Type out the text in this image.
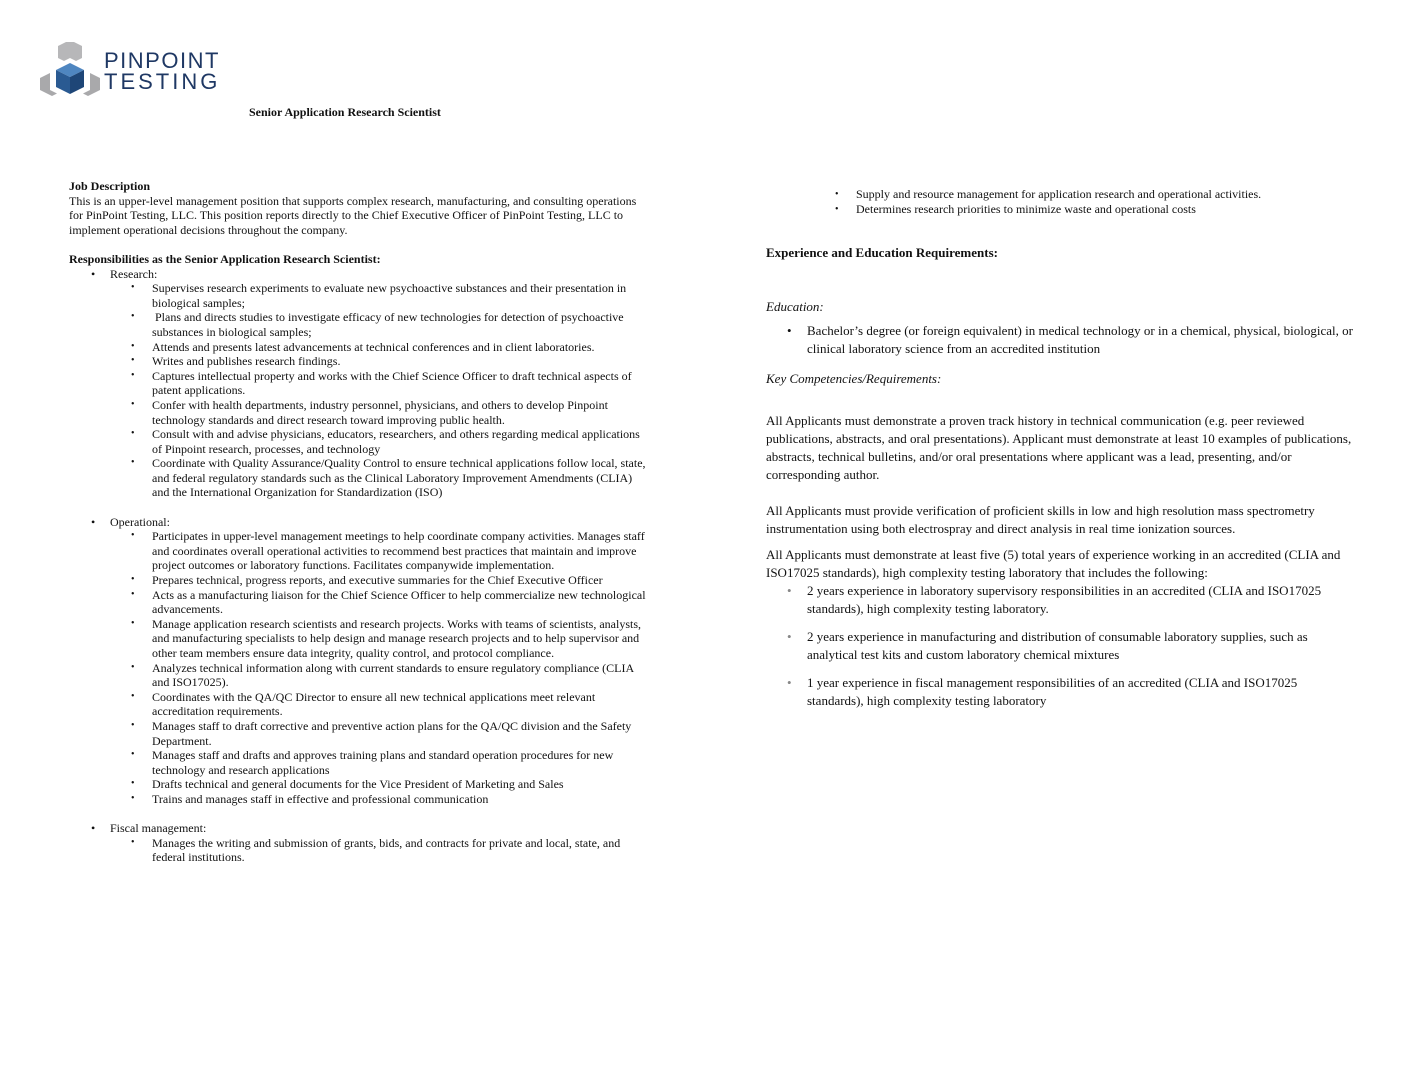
PINPOINT
TESTING
Senior Application Research Scientist

Job Description

This is an upper-level management position that supports complex research, manufacturing, and consulting operations for PinPoint Testing, LLC. This position reports directly to the Chief Executive Officer of PinPoint Testing, LLC to implement operational decisions throughout the company.

Responsibilities as the Senior Application Research Scientist:

• Research:
• Supervises research experiments to evaluate new psychoactive substances and their presentation in biological samples;
• Plans and directs studies to investigate efficacy of new technologies for detection of psychoactive substances in biological samples;
• Attends and presents latest advancements at technical conferences and in client laboratories.
• Writes and publishes research findings.
• Captures intellectual property and works with the Chief Science Officer to draft technical aspects of patent applications.
• Confer with health departments, industry personnel, physicians, and others to develop Pinpoint technology standards and direct research toward improving public health.
• Consult with and advise physicians, educators, researchers, and others regarding medical applications of Pinpoint research, processes, and technology
• Coordinate with Quality Assurance/Quality Control to ensure technical applications follow local, state, and federal regulatory standards such as the Clinical Laboratory Improvement Amendments (CLIA) and the International Organization for Standardization (ISO)
• Operational:
• Participates in upper-level management meetings to help coordinate company activities. Manages staff and coordinates overall operational activities to recommend best practices that maintain and improve project outcomes or laboratory functions. Facilitates companywide implementation.
• Prepares technical, progress reports, and executive summaries for the Chief Executive Officer
• Acts as a manufacturing liaison for the Chief Science Officer to help commercialize new technological advancements.
• Manage application research scientists and research projects. Works with teams of scientists, analysts, and manufacturing specialists to help design and manage research projects and to help supervisor and other team members ensure data integrity, quality control, and protocol compliance.
• Analyzes technical information along with current standards to ensure regulatory compliance (CLIA and ISO17025).
• Coordinates with the QA/QC Director to ensure all new technical applications meet relevant accreditation requirements.
• Manages staff to draft corrective and preventive action plans for the QA/QC division and the Safety Department.
• Manages staff and drafts and approves training plans and standard operation procedures for new technology and research applications
• Drafts technical and general documents for the Vice President of Marketing and Sales
• Trains and manages staff in effective and professional communication
• Fiscal management:
• Manages the writing and submission of grants, bids, and contracts for private and local, state, and federal institutions.
• Supply and resource management for application research and operational activities.
• Determines research priorities to minimize waste and operational costs

Experience and Education Requirements:

Education:

• Bachelor’s degree (or foreign equivalent) in medical technology or in a chemical, physical, biological, or clinical laboratory science from an accredited institution

Key Competencies/Requirements:

All Applicants must demonstrate a proven track history in technical communication (e.g. peer reviewed publications, abstracts, and oral presentations). Applicant must demonstrate at least 10 examples of publications, abstracts, technical bulletins, and/or oral presentations where applicant was a lead, presenting, and/or corresponding author.

All Applicants must provide verification of proficient skills in low and high resolution mass spectrometry instrumentation using both electrospray and direct analysis in real time ionization sources.

All Applicants must demonstrate at least five (5) total years of experience working in an accredited (CLIA and ISO17025 standards), high complexity testing laboratory that includes the following:

• 2 years experience in laboratory supervisory responsibilities in an accredited (CLIA and ISO17025 standards), high complexity testing laboratory.
• 2 years experience in manufacturing and distribution of consumable laboratory supplies, such as analytical test kits and custom laboratory chemical mixtures
• 1 year experience in fiscal management responsibilities of an accredited (CLIA and ISO17025 standards), high complexity testing laboratory
